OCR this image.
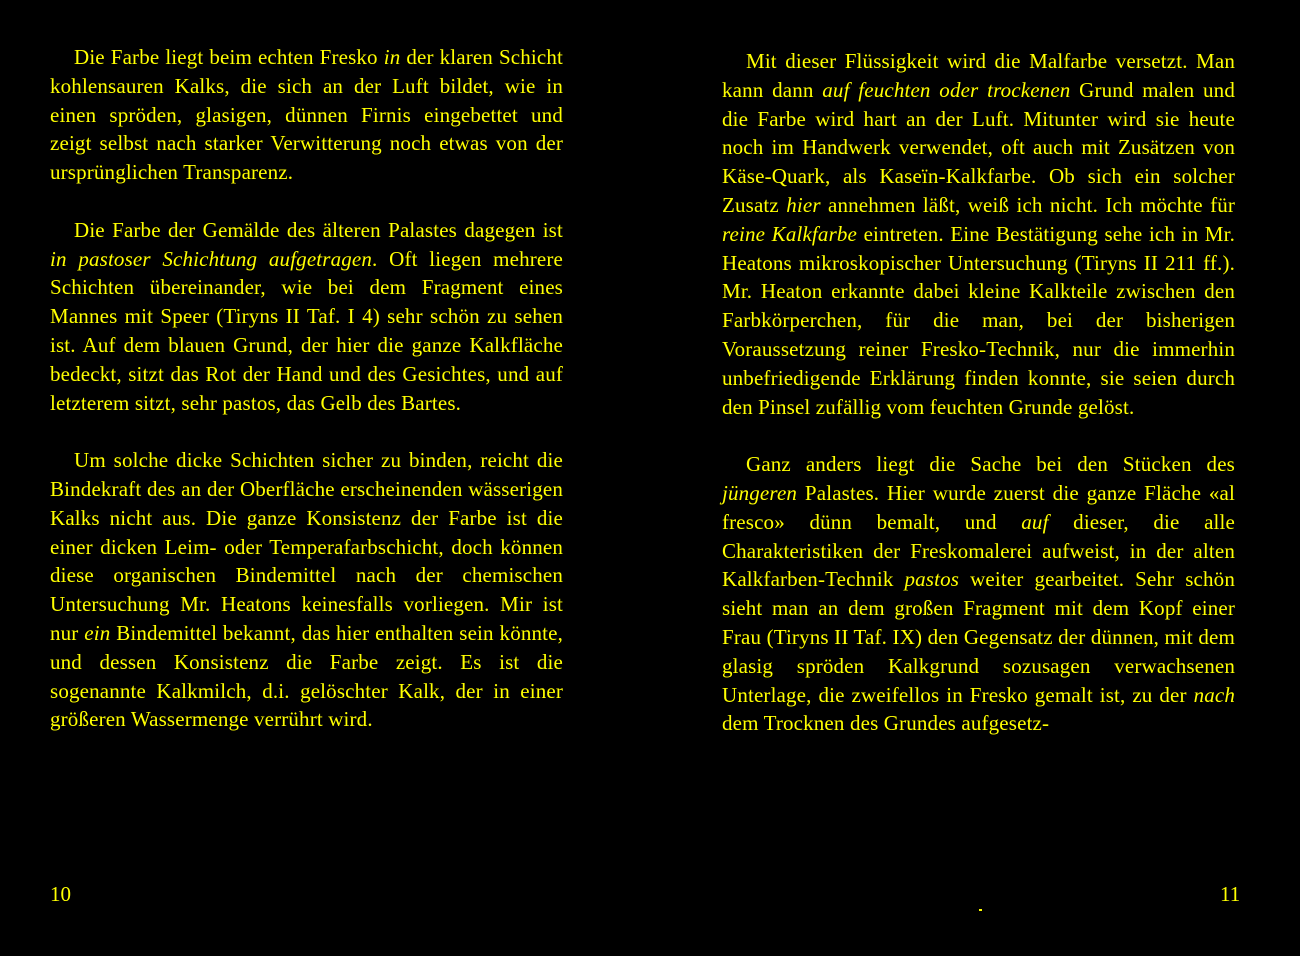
Die Farbe liegt beim echten Fresko in der klaren Schicht kohlensauren Kalks, die sich an der Luft bildet, wie in einen spröden, glasigen, dünnen Firnis eingebettet und zeigt selbst nach starker Verwitterung noch etwas von der ursprünglichen Transparenz.

Die Farbe der Gemälde des älteren Palastes dagegen ist in pastoser Schichtung aufgetragen. Oft liegen mehrere Schichten übereinander, wie bei dem Fragment eines Mannes mit Speer (Tiryns II Taf. I 4) sehr schön zu sehen ist. Auf dem blauen Grund, der hier die ganze Kalkfläche bedeckt, sitzt das Rot der Hand und des Gesichtes, und auf letzterem sitzt, sehr pastos, das Gelb des Bartes.

Um solche dicke Schichten sicher zu binden, reicht die Bindekraft des an der Oberfläche erscheinenden wässerigen Kalks nicht aus. Die ganze Konsistenz der Farbe ist die einer dicken Leim- oder Temperafarbschicht, doch können diese organischen Bindemittel nach der chemischen Untersuchung Mr. Heatons keinesfalls vorliegen. Mir ist nur ein Bindemittel bekannt, das hier enthalten sein könnte, und dessen Konsistenz die Farbe zeigt. Es ist die sogenannte Kalkmilch, d.i. gelöschter Kalk, der in einer größeren Wassermenge verrührt wird.

10

Mit dieser Flüssigkeit wird die Malfarbe versetzt. Man kann dann auf feuchten oder trockenen Grund malen und die Farbe wird hart an der Luft. Mitunter wird sie heute noch im Handwerk verwendet, oft auch mit Zusätzen von Käse-Quark, als Kaseïn-Kalkfarbe. Ob sich ein solcher Zusatz hier annehmen läßt, weiß ich nicht. Ich möchte für reine Kalkfarbe eintreten. Eine Bestätigung sehe ich in Mr. Heatons mikroskopischer Untersuchung (Tiryns II 211 ff.). Mr. Heaton erkannte dabei kleine Kalkteile zwischen den Farbkörperchen, für die man, bei der bisherigen Voraussetzung reiner Fresko-Technik, nur die immerhin unbefriedigende Erklärung finden konnte, sie seien durch den Pinsel zufällig vom feuchten Grunde gelöst.

Ganz anders liegt die Sache bei den Stücken des jüngeren Palastes. Hier wurde zuerst die ganze Fläche «al fresco» dünn bemalt, und auf dieser, die alle Charakteristiken der Freskomalerei aufweist, in der alten Kalkfarben-Technik pastos weiter gearbeitet. Sehr schön sieht man an dem großen Fragment mit dem Kopf einer Frau (Tiryns II Taf. IX) den Gegensatz der dünnen, mit dem glasig spröden Kalkgrund sozusagen verwachsenen Unterlage, die zweifellos in Fresko gemalt ist, zu der nach dem Trocknen des Grundes aufgesetz-

11
